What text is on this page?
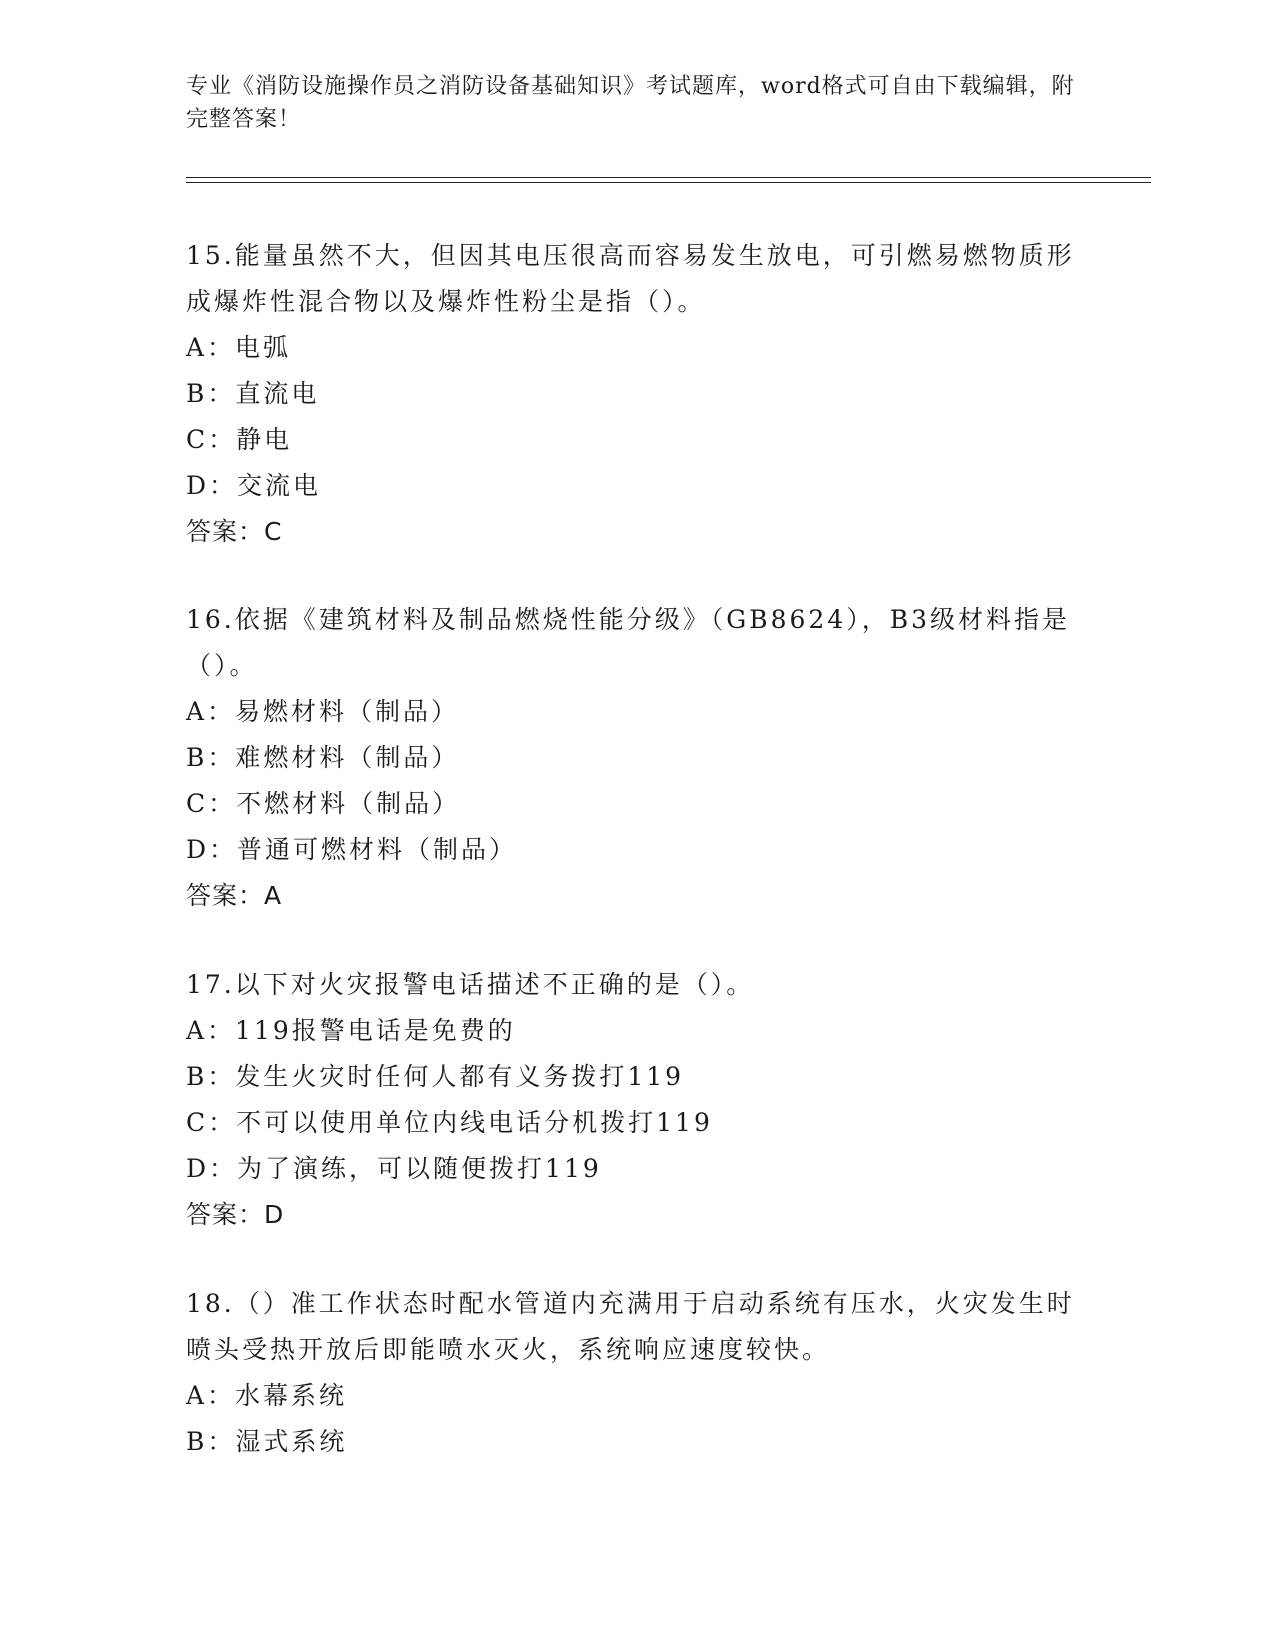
专业《消防设施操作员之消防设备基础知识》考试题库，word格式可自由下载编辑，附完整答案！
15.能量虽然不大，但因其电压很高而容易发生放电，可引燃易燃物质形成爆炸性混合物以及爆炸性粉尘是指（）。
A：电弧
B：直流电
C：静电
D：交流电
答案：C
16.依据《建筑材料及制品燃烧性能分级》（GB8624），B3级材料指是（）。
A：易燃材料（制品）
B：难燃材料（制品）
C：不燃材料（制品）
D：普通可燃材料（制品）
答案：A
17.以下对火灾报警电话描述不正确的是（）。
A：119报警电话是免费的
B：发生火灾时任何人都有义务拨打119
C：不可以使用单位内线电话分机拨打119
D：为了演练，可以随便拨打119
答案：D
18.（）准工作状态时配水管道内充满用于启动系统有压水，火灾发生时喷头受热开放后即能喷水灭火，系统响应速度较快。
A：水幕系统
B：湿式系统
